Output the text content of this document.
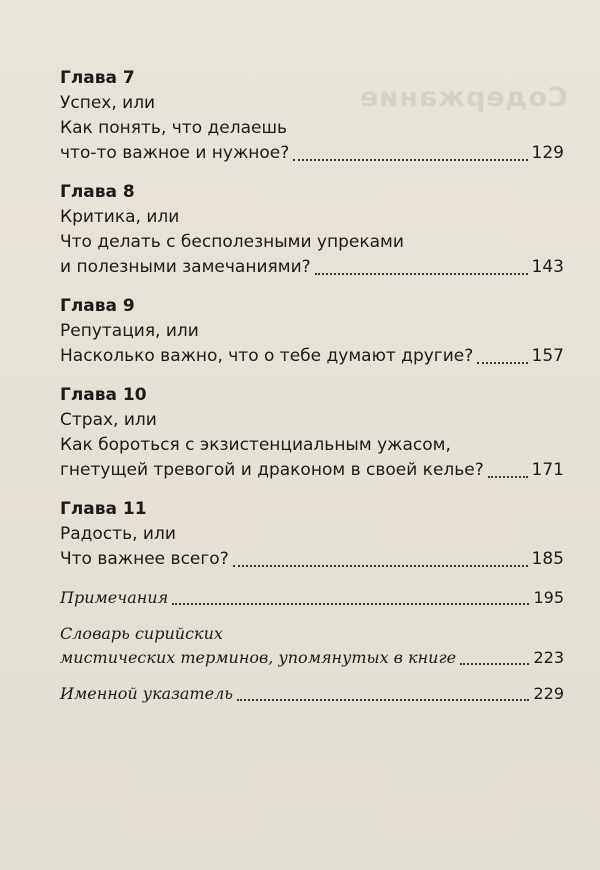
Содержание
Глава 7
Успех, или
Как понять, что делаешь
что-то важное и нужное?	129
Глава 8
Критика, или
Что делать с бесполезными упреками
и полезными замечаниями?	143
Глава 9
Репутация, или
Насколько важно, что о тебе думают другие?	157
Глава 10
Страх, или
Как бороться с экзистенциальным ужасом,
гнетущей тревогой и драконом в своей келье?	171
Глава 11
Радость, или
Что важнее всего?	185
Примечания	195
Словарь сирийских
мистических терминов, упомянутых в книге	223
Именной указатель	229
